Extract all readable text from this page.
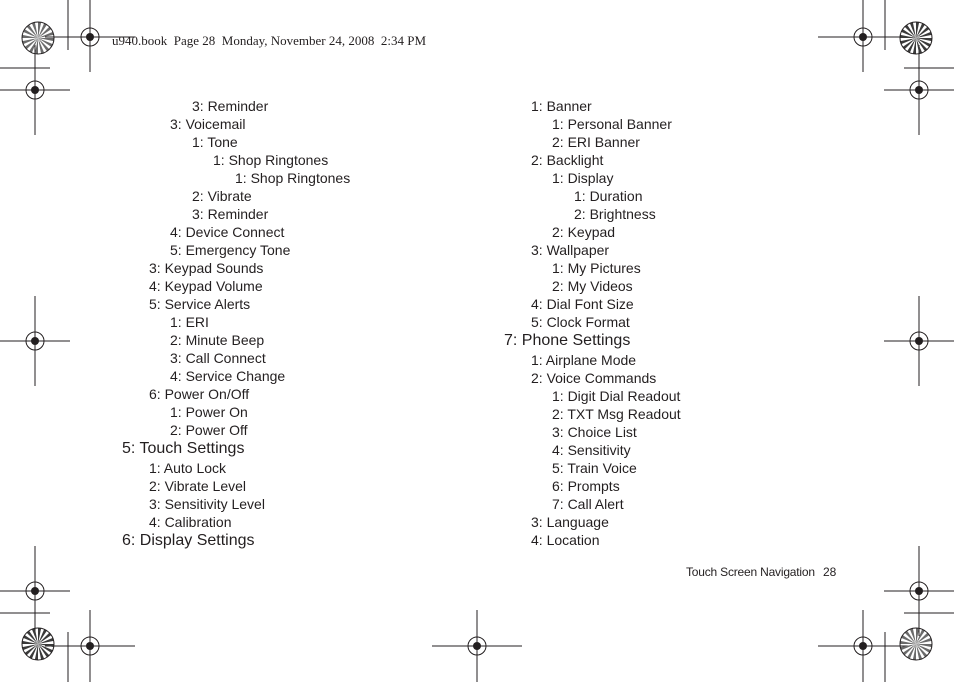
u940.book  Page 28  Monday, November 24, 2008  2:34 PM
3: Reminder
3: Voicemail
1: Tone
1: Shop Ringtones
1: Shop Ringtones
2: Vibrate
3: Reminder
4: Device Connect
5: Emergency Tone
3: Keypad Sounds
4: Keypad Volume
5: Service Alerts
1: ERI
2: Minute Beep
3: Call Connect
4: Service Change
6: Power On/Off
1: Power On
2: Power Off
5: Touch Settings
1: Auto Lock
2: Vibrate Level
3: Sensitivity Level
4: Calibration
6: Display Settings
1: Banner
1: Personal Banner
2: ERI Banner
2: Backlight
1: Display
1: Duration
2: Brightness
2: Keypad
3: Wallpaper
1: My Pictures
2: My Videos
4: Dial Font Size
5: Clock Format
7: Phone Settings
1: Airplane Mode
2: Voice Commands
1: Digit Dial Readout
2: TXT Msg Readout
3: Choice List
4: Sensitivity
5: Train Voice
6: Prompts
7: Call Alert
3: Language
4: Location
Touch Screen Navigation 28
